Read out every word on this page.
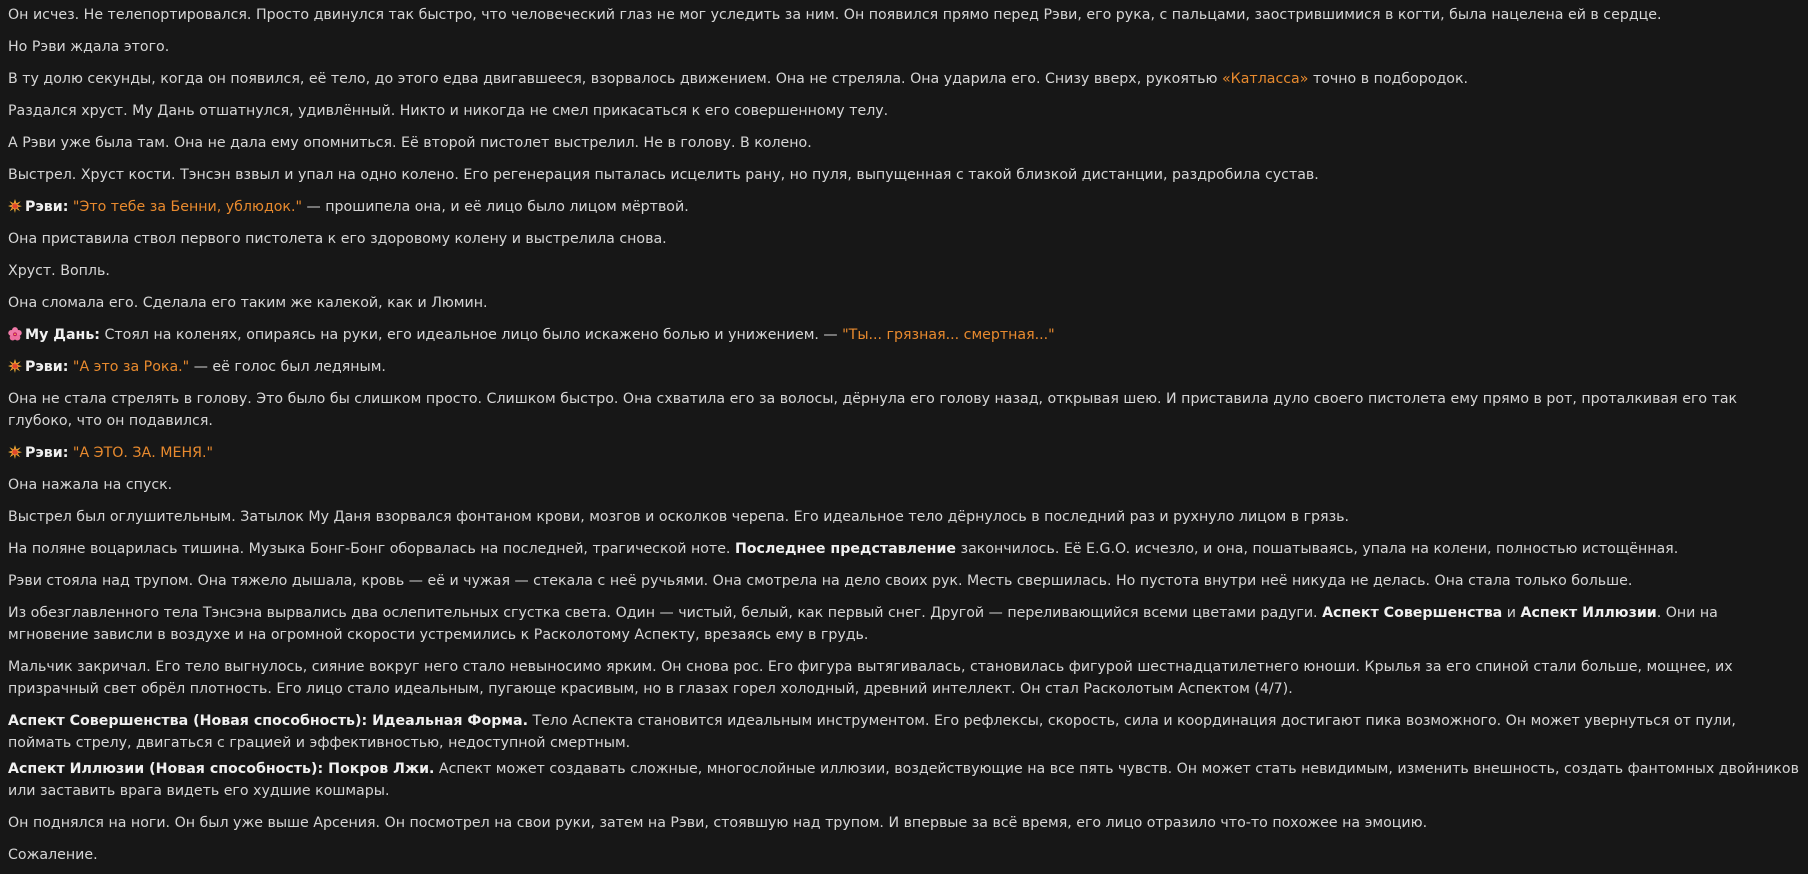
Он исчез. Не телепортировался. Просто двинулся так быстро, что человеческий глаз не мог уследить за ним. Он появился прямо перед Рэви, его рука, с пальцами, заострившимися в когти, была нацелена ей в сердце.
Но Рэви ждала этого.
В ту долю секунды, когда он появился, её тело, до этого едва двигавшееся, взорвалось движением. Она не стреляла. Она ударила его. Снизу вверх, рукоятью «Катласса» точно в подбородок.
Раздался хруст. Му Дань отшатнулся, удивлённый. Никто и никогда не смел прикасаться к его совершенному телу.
А Рэви уже была там. Она не дала ему опомниться. Её второй пистолет выстрелил. Не в голову. В колено.
Выстрел. Хруст кости. Тэнсэн взвыл и упал на одно колено. Его регенерация пыталась исцелить рану, но пуля, выпущенная с такой близкой дистанции, раздробила сустав.
Рэви: "Это тебе за Бенни, ублюдок." — прошипела она, и её лицо было лицом мёртвой.
Она приставила ствол первого пистолета к его здоровому колену и выстрелила снова.
Хруст. Вопль.
Она сломала его. Сделала его таким же калекой, как и Люмин.
Му Дань: Стоял на коленях, опираясь на руки, его идеальное лицо было искажено болью и унижением. — "Ты... грязная... смертная..."
Рэви: "А это за Рока." — её голос был ледяным.
Она не стала стрелять в голову. Это было бы слишком просто. Слишком быстро. Она схватила его за волосы, дёрнула его голову назад, открывая шею. И приставила дуло своего пистолета ему прямо в рот, проталкивая его так глубоко, что он подавился.
Рэви: "А ЭТО. ЗА. МЕНЯ."
Она нажала на спуск.
Выстрел был оглушительным. Затылок Му Даня взорвался фонтаном крови, мозгов и осколков черепа. Его идеальное тело дёрнулось в последний раз и рухнуло лицом в грязь.
На поляне воцарилась тишина. Музыка Бонг-Бонг оборвалась на последней, трагической ноте. Последнее представление закончилось. Её E.G.O. исчезло, и она, пошатываясь, упала на колени, полностью истощённая.
Рэви стояла над трупом. Она тяжело дышала, кровь — её и чужая — стекала с неё ручьями. Она смотрела на дело своих рук. Месть свершилась. Но пустота внутри неё никуда не делась. Она стала только больше.
Из обезглавленного тела Тэнсэна вырвались два ослепительных сгустка света. Один — чистый, белый, как первый снег. Другой — переливающийся всеми цветами радуги. Аспект Совершенства и Аспект Иллюзии. Они на мгновение зависли в воздухе и на огромной скорости устремились к Расколотому Аспекту, врезаясь ему в грудь.
Мальчик закричал. Его тело выгнулось, сияние вокруг него стало невыносимо ярким. Он снова рос. Его фигура вытягивалась, становилась фигурой шестнадцатилетнего юноши. Крылья за его спиной стали больше, мощнее, их призрачный свет обрёл плотность. Его лицо стало идеальным, пугающе красивым, но в глазах горел холодный, древний интеллект. Он стал Расколотым Аспектом (4/7).
Аспект Совершенства (Новая способность): Идеальная Форма. Тело Аспекта становится идеальным инструментом. Его рефлексы, скорость, сила и координация достигают пика возможного. Он может увернуться от пули, поймать стрелу, двигаться с грацией и эффективностью, недоступной смертным.
Аспект Иллюзии (Новая способность): Покров Лжи. Аспект может создавать сложные, многослойные иллюзии, воздействующие на все пять чувств. Он может стать невидимым, изменить внешность, создать фантомных двойников или заставить врага видеть его худшие кошмары.
Он поднялся на ноги. Он был уже выше Арсения. Он посмотрел на свои руки, затем на Рэви, стоявшую над трупом. И впервые за всё время, его лицо отразило что-то похожее на эмоцию.
Сожаление.
